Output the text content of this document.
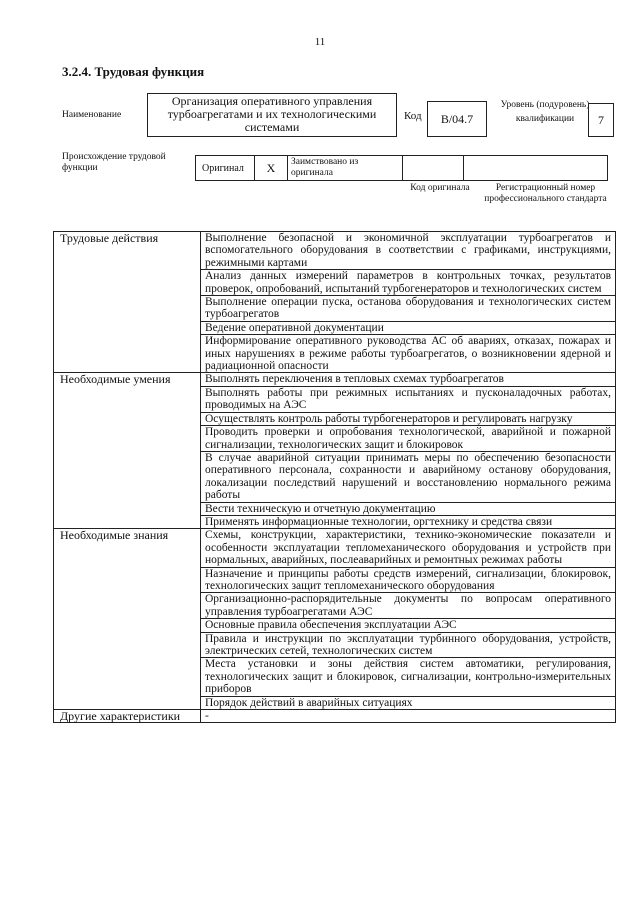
11
3.2.4. Трудовая функция
Наименование
Организация оперативного управления турбоагрегатами и их технологическими системами
Код	B/04.7
Уровень (подуровень) квалификации	7
Происхождение трудовой функции	Оригинал	X	Заимствовано из оригинала
Код оригинала	Регистрационный номер профессионального стандарта
Трудовые действия	Выполнение безопасной и экономичной эксплуатации турбоагрегатов и вспомогательного оборудования в соответствии с графиками, инструкциями, режимными картами
	Анализ данных измерений параметров в контрольных точках, результатов проверок, опробований, испытаний турбогенераторов и технологических систем
	Выполнение операции пуска, останова оборудования и технологических систем турбоагрегатов
	Ведение оперативной документации
	Информирование оперативного руководства АС об авариях, отказах, пожарах и иных нарушениях в режиме работы турбоагрегатов, о возникновении ядерной и радиационной опасности
Необходимые умения	Выполнять переключения в тепловых схемах турбоагрегатов
	Выполнять работы при режимных испытаниях и пусконаладочных работах, проводимых на АЭС
	Осуществлять контроль работы турбогенераторов и регулировать нагрузку
	Проводить проверки и опробования технологической, аварийной и пожарной сигнализации, технологических защит и блокировок
	В случае аварийной ситуации принимать меры по обеспечению безопасности оперативного персонала, сохранности и аварийному останову оборудования, локализации последствий нарушений и восстановлению нормального режима работы
	Вести техническую и отчетную документацию
	Применять информационные технологии, оргтехнику и средства связи
Необходимые знания	Схемы, конструкции, характеристики, технико-экономические показатели и особенности эксплуатации тепломеханического оборудования и устройств при нормальных, аварийных, послеаварийных и ремонтных режимах работы
	Назначение и принципы работы средств измерений, сигнализации, блокировок, технологических защит тепломеханического оборудования
	Организационно-распорядительные документы по вопросам оперативного управления турбоагрегатами АЭС
	Основные правила обеспечения эксплуатации АЭС
	Правила и инструкции по эксплуатации турбинного оборудования, устройств, электрических сетей, технологических систем
	Места установки и зоны действия систем автоматики, регулирования, технологических защит и блокировок, сигнализации, контрольно-измерительных приборов
	Порядок действий в аварийных ситуациях
Другие характеристики	-
